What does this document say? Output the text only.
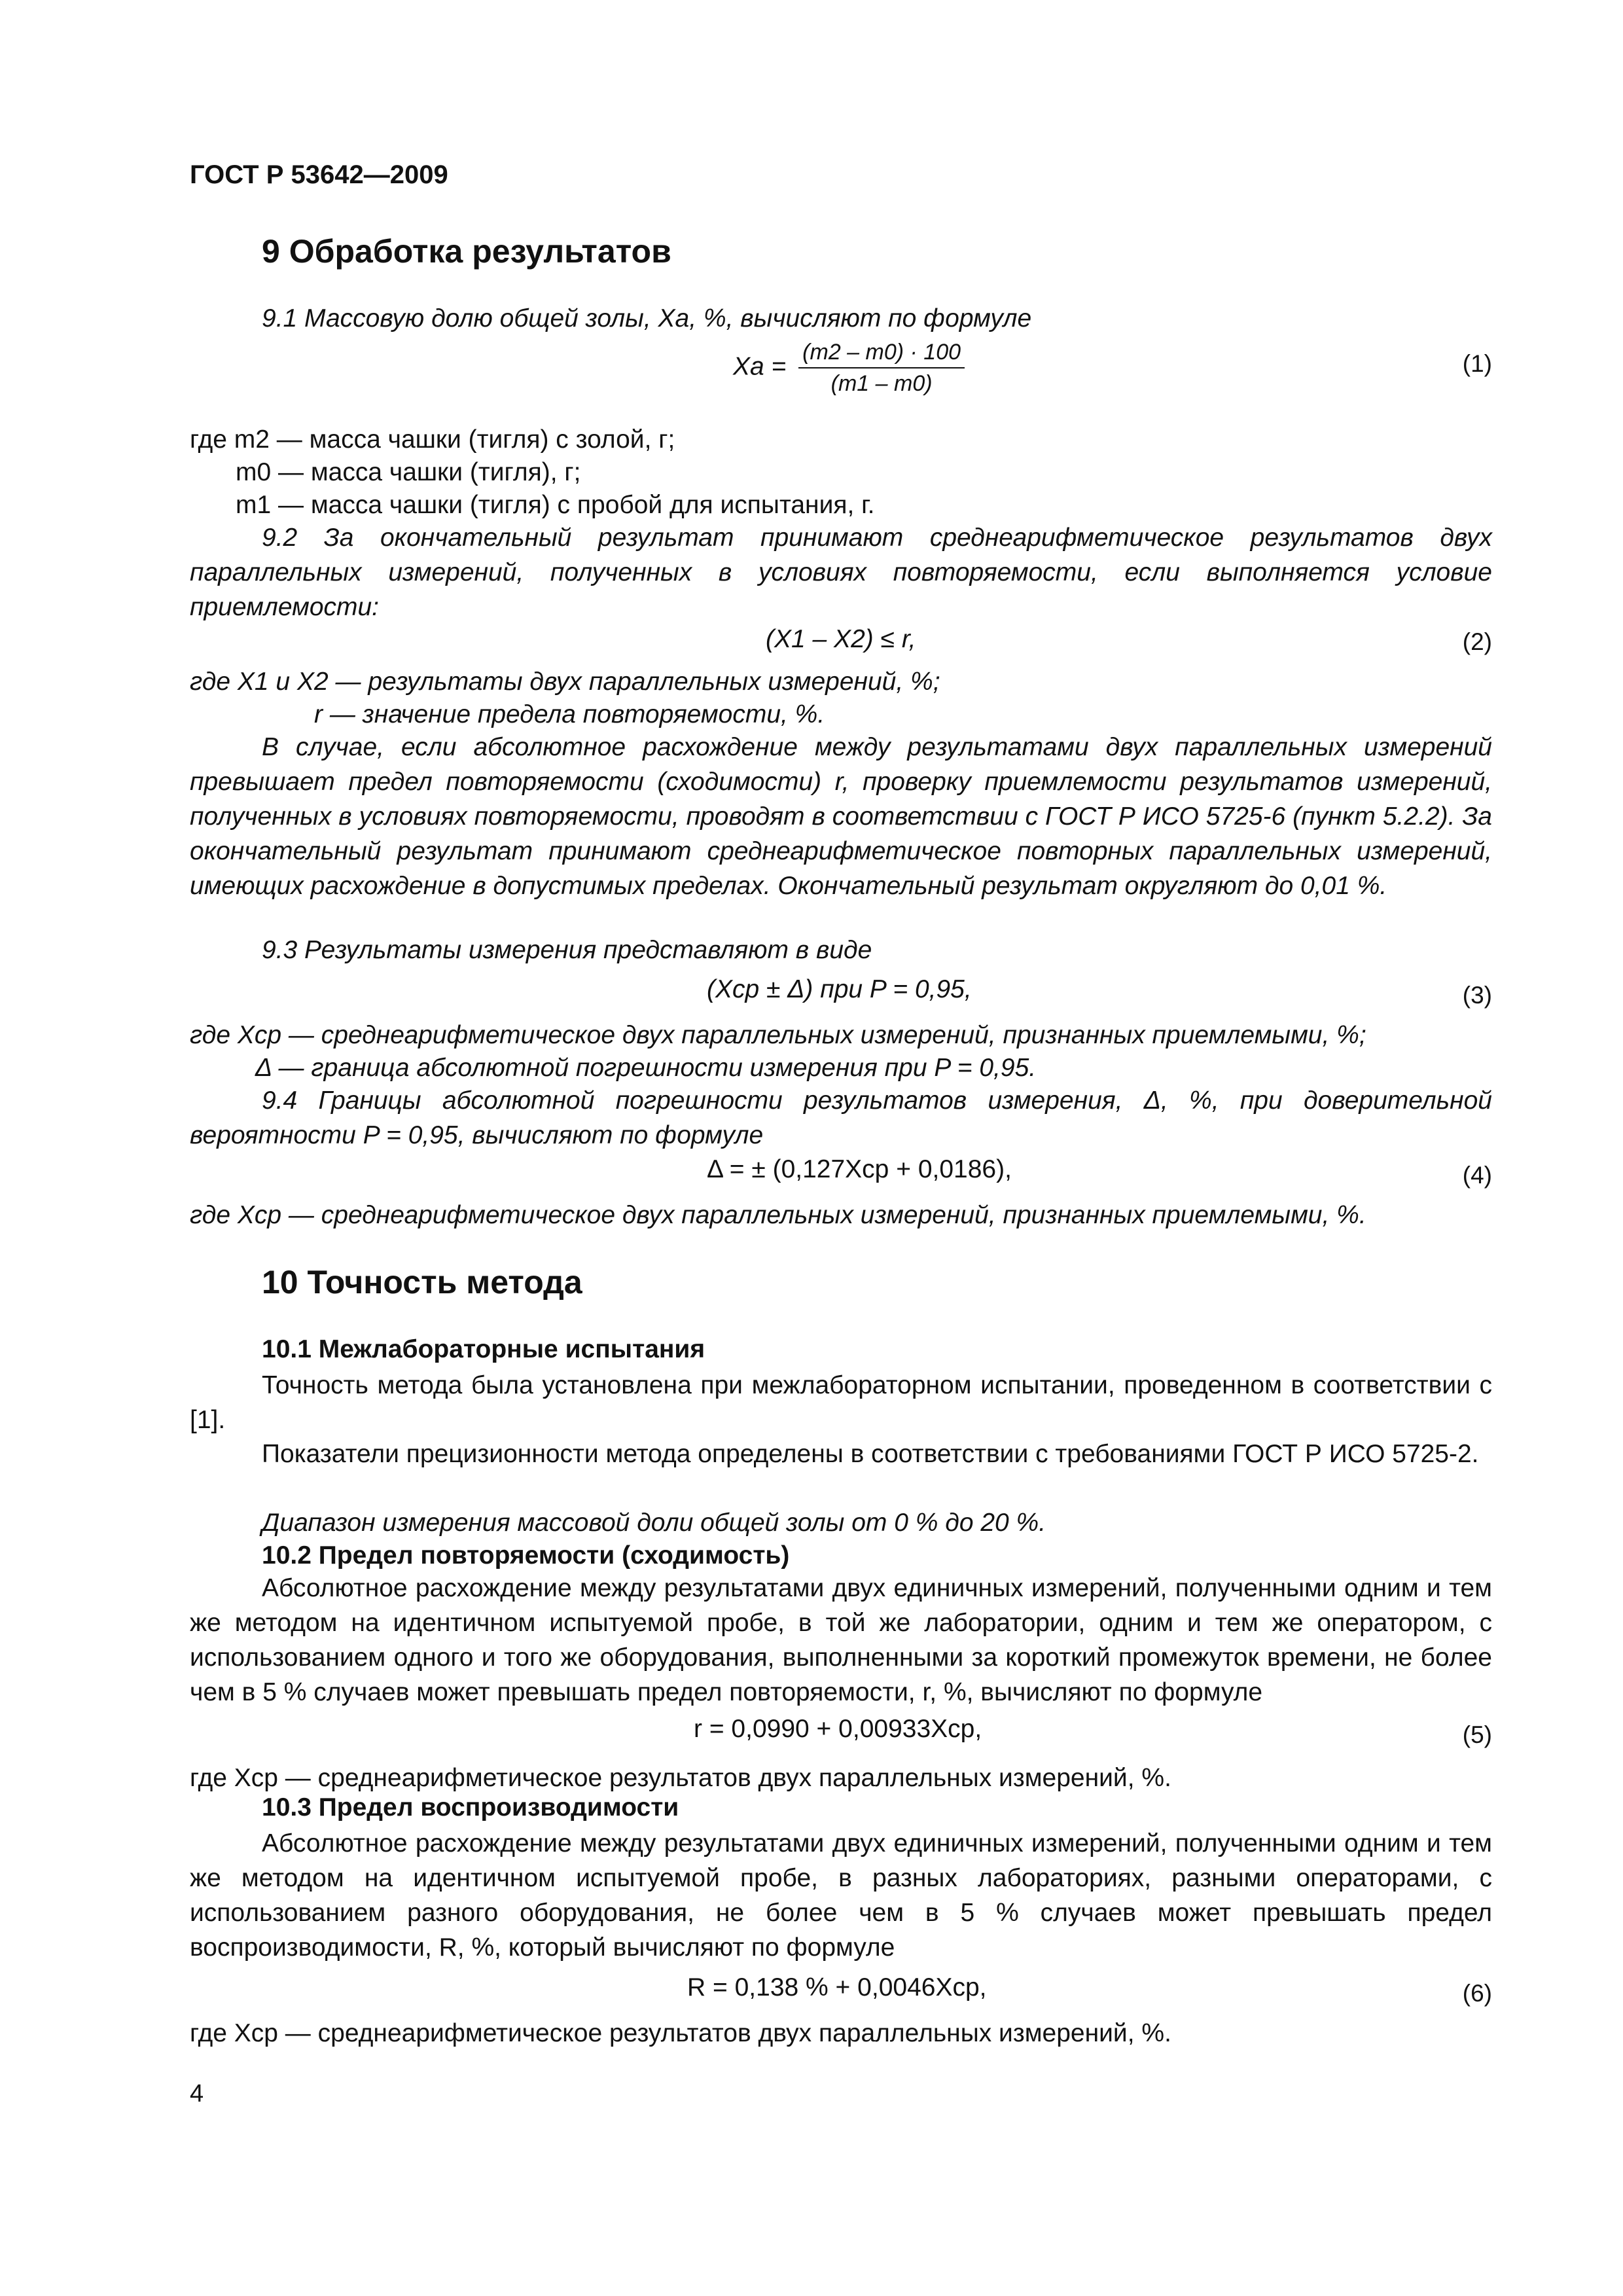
ГОСТ Р 53642—2009
9 Обработка результатов
9.1 Массовую долю общей золы, Xa, %, вычисляют по формуле
$Xa = \frac{(m2 - m0) \cdot 100}{(m1 - m0)}$	(1)
где m2 — масса чашки (тигля) с золой, г;
m0 — масса чашки (тигля), г;
m1 — масса чашки (тигля) с пробой для испытания, г.
9.2 За окончательный результат принимают среднеарифметическое результатов двух параллельных измерений, полученных в условиях повторяемости, если выполняется условие приемлемости:
(X1 – X2) ≤ r,	(2)
где X1 и X2 — результаты двух параллельных измерений, %;
r — значение предела повторяемости, %.
В случае, если абсолютное расхождение между результатами двух параллельных измерений превышает предел повторяемости (сходимости) r, проверку приемлемости результатов измерений, полученных в условиях повторяемости, проводят в соответствии с ГОСТ Р ИСО 5725-6 (пункт 5.2.2). За окончательный результат принимают среднеарифметическое повторных параллельных измерений, имеющих расхождение в допустимых пределах. Окончательный результат округляют до 0,01 %.
9.3 Результаты измерения представляют в виде
(Xср ± Δ) при P = 0,95,	(3)
где Xср — среднеарифметическое двух параллельных измерений, признанных приемлемыми, %;
Δ — граница абсолютной погрешности измерения при P = 0,95.
9.4 Границы абсолютной погрешности результатов измерения, Δ, %, при доверительной вероятности P = 0,95, вычисляют по формуле
Δ = ± (0,127Xср + 0,0186),	(4)
где Xср — среднеарифметическое двух параллельных измерений, признанных приемлемыми, %.
10 Точность метода
10.1 Межлабораторные испытания
Точность метода была установлена при межлабораторном испытании, проведенном в соответствии с [1].
Показатели прецизионности метода определены в соответствии с требованиями ГОСТ Р ИСО 5725-2.
Диапазон измерения массовой доли общей золы от 0 % до 20 %.
10.2 Предел повторяемости (сходимость)
Абсолютное расхождение между результатами двух единичных измерений, полученными одним и тем же методом на идентичном испытуемой пробе, в той же лаборатории, одним и тем же оператором, с использованием одного и того же оборудования, выполненными за короткий промежуток времени, не более чем в 5 % случаев может превышать предел повторяемости, r, %, вычисляют по формуле
r = 0,0990 + 0,00933Xср,	(5)
где Xср — среднеарифметическое результатов двух параллельных измерений, %.
10.3 Предел воспроизводимости
Абсолютное расхождение между результатами двух единичных измерений, полученными одним и тем же методом на идентичном испытуемой пробе, в разных лабораториях, разными операторами, с использованием разного оборудования, не более чем в 5 % случаев может превышать предел воспроизводимости, R, %, который вычисляют по формуле
R = 0,138 % + 0,0046Xср,	(6)
где Xср — среднеарифметическое результатов двух параллельных измерений, %.
4
